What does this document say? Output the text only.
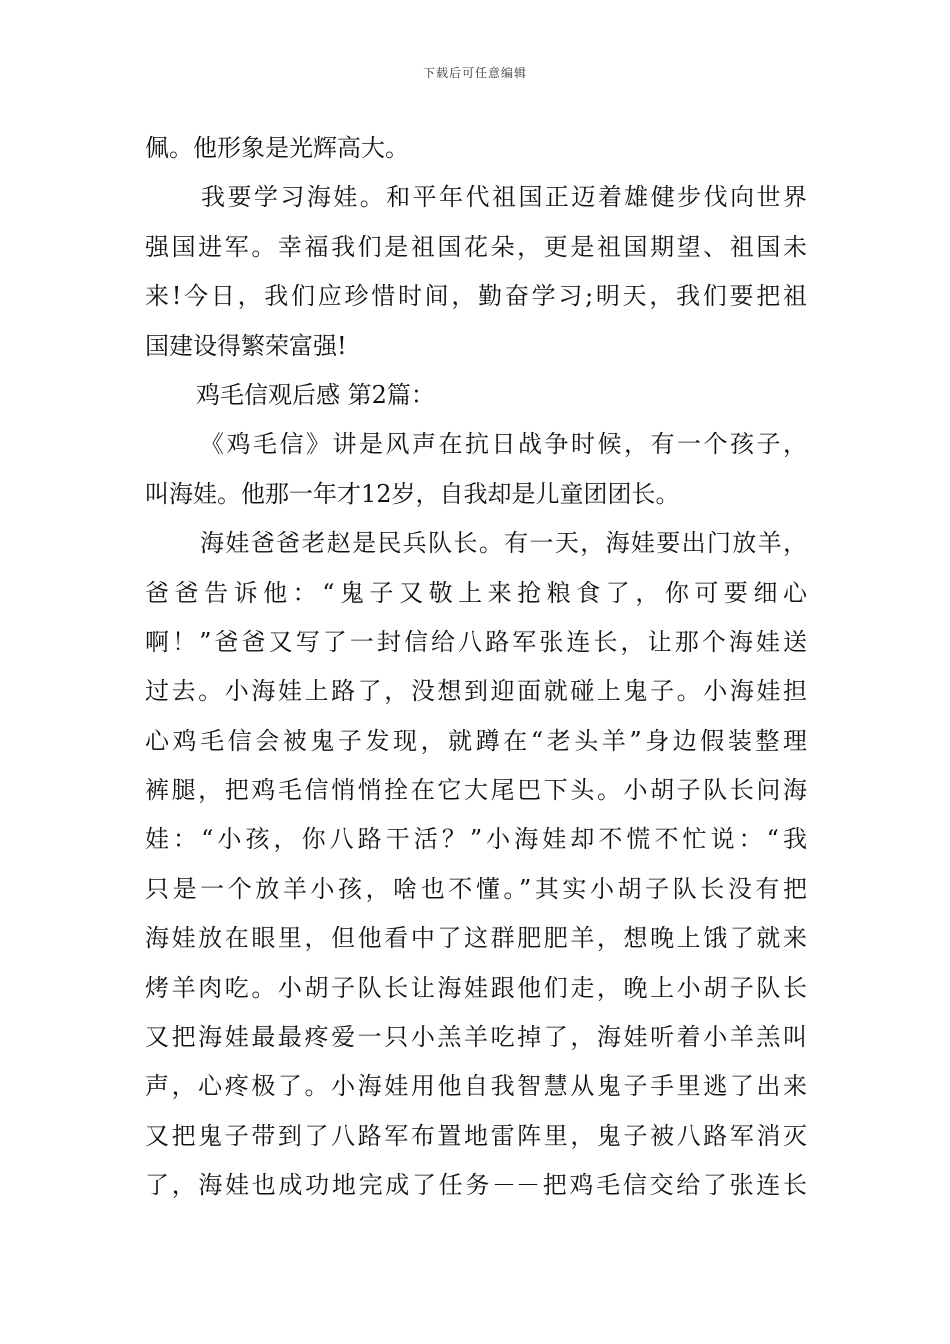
下载后可任意编辑
佩。他形象是光辉高大。
我要学习海娃。和平年代祖国正迈着雄健步伐向世界
强国进军。幸福我们是祖国花朵，更是祖国期望、祖国未
来!今日，我们应珍惜时间，勤奋学习;明天，我们要把祖
国建设得繁荣富强!
鸡毛信观后感 第2篇：
《鸡毛信》讲是风声在抗日战争时候，有一个孩子，
叫海娃。他那一年才12岁，自我却是儿童团团长。
海娃爸爸老赵是民兵队长。有一天，海娃要出门放羊，
爸爸告诉他：“鬼子又敬上来抢粮食了，你可要细心
啊！”爸爸又写了一封信给八路军张连长，让那个海娃送
过去。小海娃上路了，没想到迎面就碰上鬼子。小海娃担
心鸡毛信会被鬼子发现，就蹲在“老头羊”身边假装整理
裤腿，把鸡毛信悄悄拴在它大尾巴下头。小胡子队长问海
娃：“小孩，你八路干活？”小海娃却不慌不忙说：“我
只是一个放羊小孩，啥也不懂。”其实小胡子队长没有把
海娃放在眼里，但他看中了这群肥肥羊，想晚上饿了就来
烤羊肉吃。小胡子队长让海娃跟他们走，晚上小胡子队长
又把海娃最最疼爱一只小羔羊吃掉了，海娃听着小羊羔叫
声，心疼极了。小海娃用他自我智慧从鬼子手里逃了出来
又把鬼子带到了八路军布置地雷阵里，鬼子被八路军消灭
了，海娃也成功地完成了任务－－把鸡毛信交给了张连长
